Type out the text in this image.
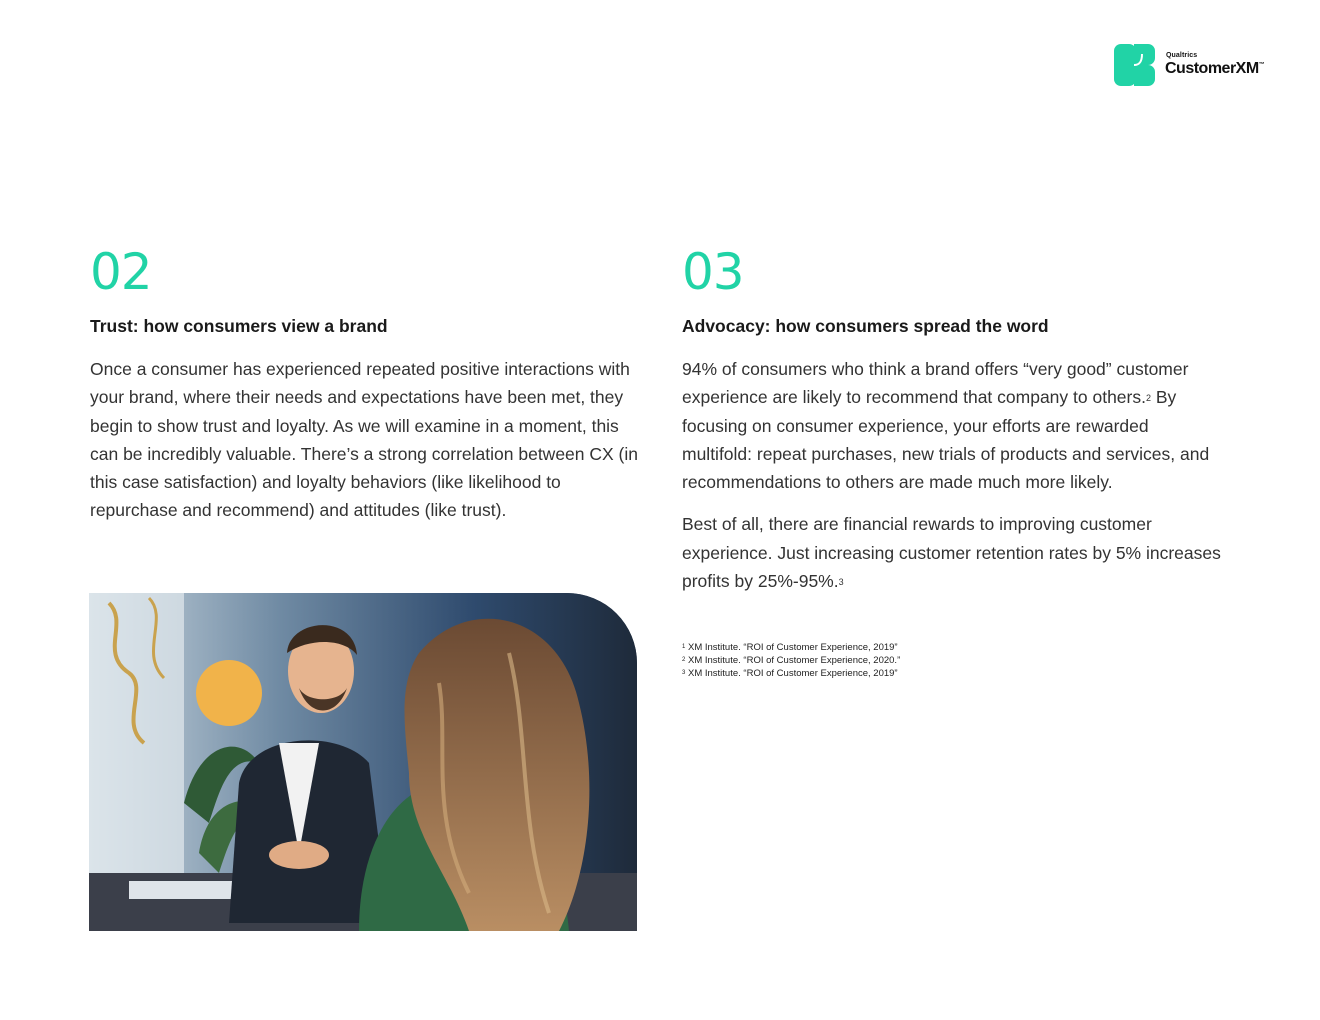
Qualtrics
CustomerXM™
02
Trust: how consumers view a brand
Once a consumer has experienced repeated positive interactions with your brand, where their needs and expectations have been met, they begin to show trust and loyalty. As we will examine in a moment, this can be incredibly valuable. There’s a strong correlation between CX (in this case satisfaction) and loyalty behaviors (like likelihood to repurchase and recommend) and attitudes (like trust).
03
Advocacy: how consumers spread the word
94% of consumers who think a brand offers “very good” customer experience are likely to recommend that company to others.$^2$ By focusing on consumer experience, your efforts are rewarded multifold: repeat purchases, new trials of products and services, and recommendations to others are made much more likely.
Best of all, there are financial rewards to improving customer experience. Just increasing customer retention rates by 5% increases profits by 25%-95%.$^3$
$^1$ XM Institute. “ROI of Customer Experience, 2019”
$^2$ XM Institute. “ROI of Customer Experience, 2020.”
$^3$ XM Institute. “ROI of Customer Experience, 2019”
